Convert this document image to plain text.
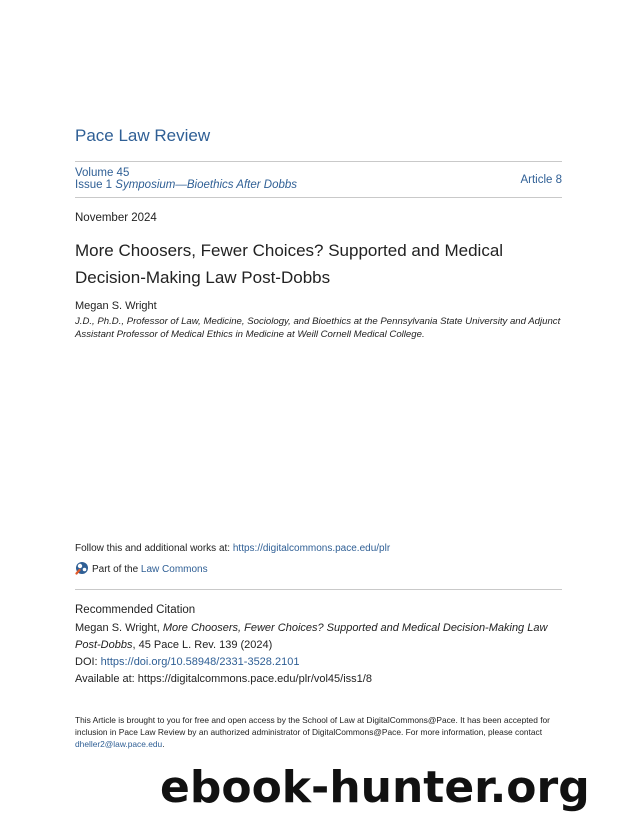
Pace Law Review
Volume 45
Issue 1 Symposium—Bioethics After Dobbs	Article 8
November 2024
More Choosers, Fewer Choices? Supported and Medical Decision-Making Law Post-Dobbs
Megan S. Wright
J.D., Ph.D., Professor of Law, Medicine, Sociology, and Bioethics at the Pennsylvania State University and Adjunct Assistant Professor of Medical Ethics in Medicine at Weill Cornell Medical College.
Follow this and additional works at: https://digitalcommons.pace.edu/plr
Part of the Law Commons
Recommended Citation
Megan S. Wright, More Choosers, Fewer Choices? Supported and Medical Decision-Making Law Post-Dobbs, 45 Pace L. Rev. 139 (2024)
DOI: https://doi.org/10.58948/2331-3528.2101
Available at: https://digitalcommons.pace.edu/plr/vol45/iss1/8
This Article is brought to you for free and open access by the School of Law at DigitalCommons@Pace. It has been accepted for inclusion in Pace Law Review by an authorized administrator of DigitalCommons@Pace. For more information, please contact dheller2@law.pace.edu.
ebook-hunter.org
